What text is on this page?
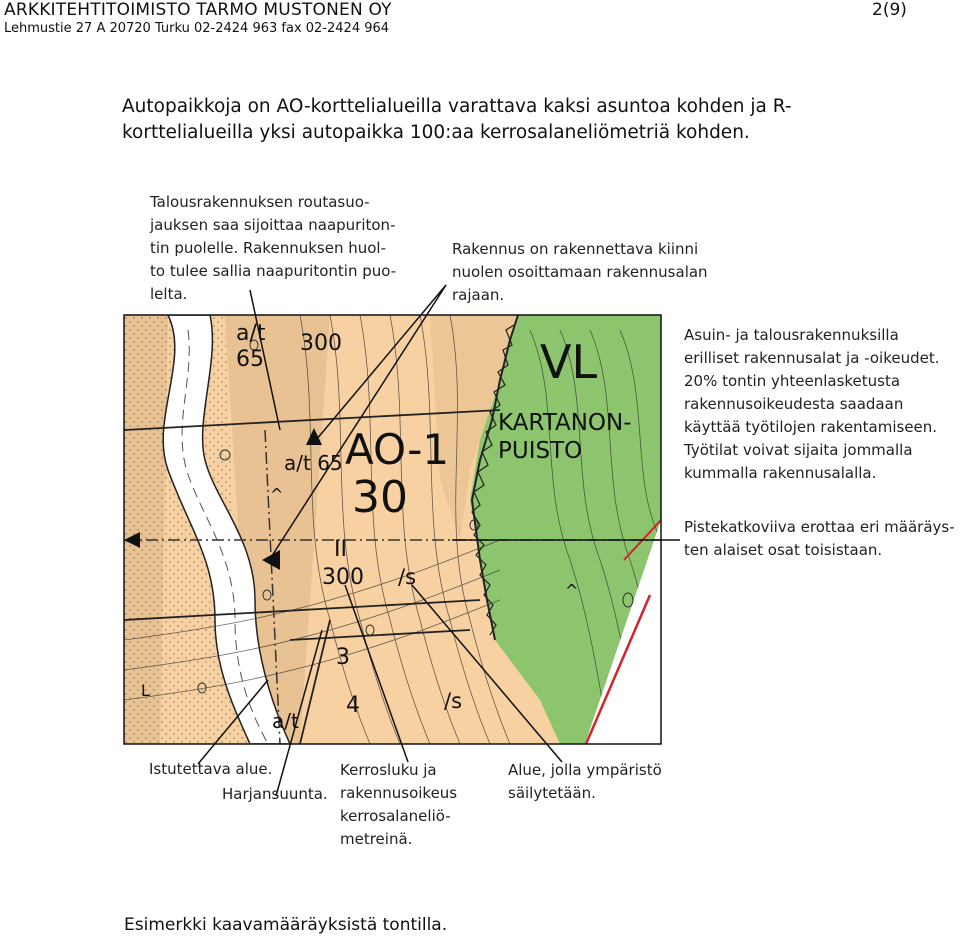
ARKKITEHTITOIMISTO TARMO MUSTONEN OY
Lehmustie 27 A 20720 Turku 02-2424 963 fax 02-2424 964
2(9)
Autopaikkoja on AO-korttelialueilla varattava kaksi asuntoa kohden ja R-korttelialueilla yksi autopaikka 100:aa kerrosalaneliömetriä kohden.
VL
KARTANON-
PUISTO
AO-1
30
a/t
65
300
a/t 65
II
300 /s
3
4	/s
a/t
L
^
^
Talousrakennuksen routasuo-
jauksen saa sijoittaa naapuriton-
tin puolelle. Rakennuksen huol-
to tulee sallia naapuritontin puo-
lelta.
Rakennus on rakennettava kiinni
nuolen osoittamaan rakennusalan
rajaan.
Asuin- ja talousrakennuksilla
erilliset rakennusalat ja -oikeudet.
20% tontin yhteenlasketusta
rakennusoikeudesta saadaan
käyttää työtilojen rakentamiseen.
Työtilat voivat sijaita jommalla
kummalla rakennusalalla.
Pistekatkoviiva erottaa eri määräys-
ten alaiset osat toisistaan.
Istutettava alue.
Harjansuunta.
Kerrosluku ja
rakennusoikeus
kerrosalaneliö-
metreinä.
Alue, jolla ympäristö
säilytetään.
Esimerkki kaavamääräyksistä tontilla.
